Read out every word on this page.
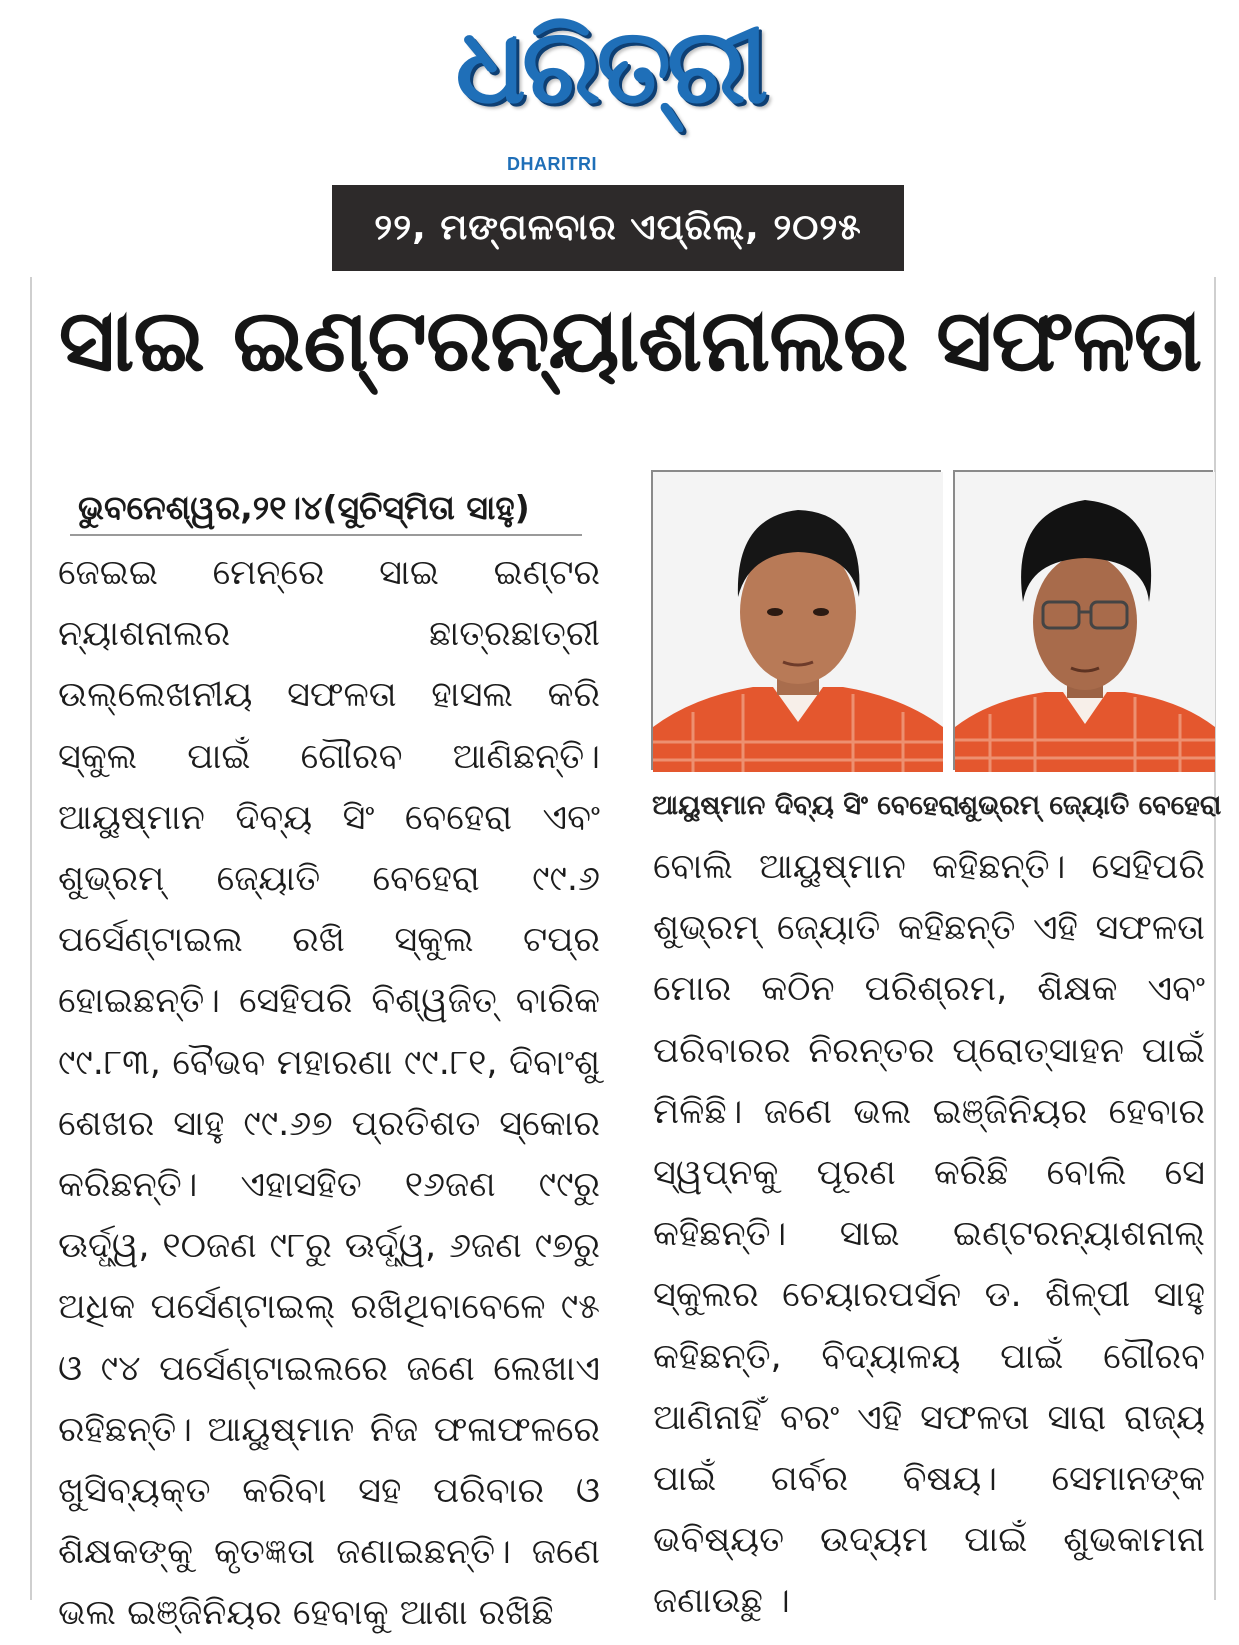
ଧରିତ୍ରୀ
DHARITRI
୨୨, ମଙ୍ଗଳବାର ଏପ୍ରିଲ୍‌, ୨୦୨୫
ସାଇ ଇଣ୍ଟରନ୍ୟାଶନାଲର ସଫଳତା
ଭୁବନେଶ୍ୱର,୨୧।୪(ସୁଚିସ୍ମିତା ସାହୁ)
ଜେଇଇ ମେନ୍‌ରେ ସାଇ ଇଣ୍ଟର ନ୍ୟାଶନାଲର ଛାତ୍ରଛାତ୍ରୀ ଉଲ୍ଲେଖନୀୟ ସଫଳତା ହାସଲ କରି ସ୍କୁଲ ପାଇଁ ଗୌରବ ଆଣିଛନ୍ତି। ଆୟୁଷ୍ମାନ ଦିବ୍ୟ ସିଂ ବେହେରା ଏବଂ ଶୁଭ୍ରମ୍ ଜ୍ୟୋତି ବେହେରା ୯୯.୬ ପର୍ସେଣ୍ଟାଇଲ ରଖି ସ୍କୁଲ ଟପ୍‌ର ହୋଇଛନ୍ତି। ସେହିପରି ବିଶ୍ୱଜିତ୍ ବାରିକ ୯୯.୮୩, ବୈଭବ ମହାରଣା ୯୯.୮୧, ଦିବାଂଶୁ ଶେଖର ସାହୁ ୯୯.୬୭ ପ୍ରତିଶତ ସ୍କୋର କରିଛନ୍ତି। ଏହାସହିତ ୧୬ଜଣ ୯୯ରୁ ଊର୍ଦ୍ଧ୍ୱ, ୧୦ଜଣ ୯୮ରୁ ଊର୍ଦ୍ଧ୍ୱ, ୬ଜଣ ୯୭ରୁ ଅଧିକ ପର୍ସେଣ୍ଟାଇଲ୍ ରଖିଥିବାବେଳେ ୯୫ ଓ ୯୪ ପର୍ସେଣ୍ଟାଇଲରେ ଜଣେ ଲେଖାଏ ରହିଛନ୍ତି। ଆୟୁଷ୍ମାନ ନିଜ ଫଳାଫଳରେ ଖୁସିବ୍ୟକ୍ତ କରିବା ସହ ପରିବାର ଓ ଶିକ୍ଷକଙ୍କୁ କୃତଜ୍ଞତା ଜଣାଇଛନ୍ତି। ଜଣେ ଭଲ ଇଞ୍ଜିନିୟର ହେବାକୁ ଆଶା ରଖିଛି
ଆୟୁଷ୍ମାନ ଦିବ୍ୟ ସିଂ ବେହେରା
ଶୁଭ୍ରମ୍ ଜ୍ୟୋତି ବେହେରା
ବୋଲି ଆୟୁଷ୍ମାନ କହିଛନ୍ତି। ସେହିପରି ଶୁଭ୍ରମ୍ ଜ୍ୟୋତି କହିଛନ୍ତି ଏହି ସଫଳତା ମୋର କଠିନ ପରିଶ୍ରମ, ଶିକ୍ଷକ ଏବଂ ପରିବାରର ନିରନ୍ତର ପ୍ରୋତ୍ସାହନ ପାଇଁ ମିଳିଛି। ଜଣେ ଭଲ ଇଞ୍ଜିନିୟର ହେବାର ସ୍ୱପ୍ନକୁ ପୂରଣ କରିଛି ବୋଲି ସେ କହିଛନ୍ତି। ସାଇ ଇଣ୍ଟରନ୍ୟାଶନାଲ୍ ସ୍କୁଲର ଚେୟାରପର୍ସନ ଡ. ଶିଳ୍ପୀ ସାହୁ କହିଛନ୍ତି, ବିଦ୍ୟାଳୟ ପାଇଁ ଗୌରବ ଆଣିନାହିଁ ବରଂ ଏହି ସଫଳତା ସାରା ରାଜ୍ୟ ପାଇଁ ଗର୍ବର ବିଷୟ। ସେମାନଙ୍କ ଭବିଷ୍ୟତ ଉଦ୍ୟମ ପାଇଁ ଶୁଭକାମନା ଜଣାଉଛୁ ।
